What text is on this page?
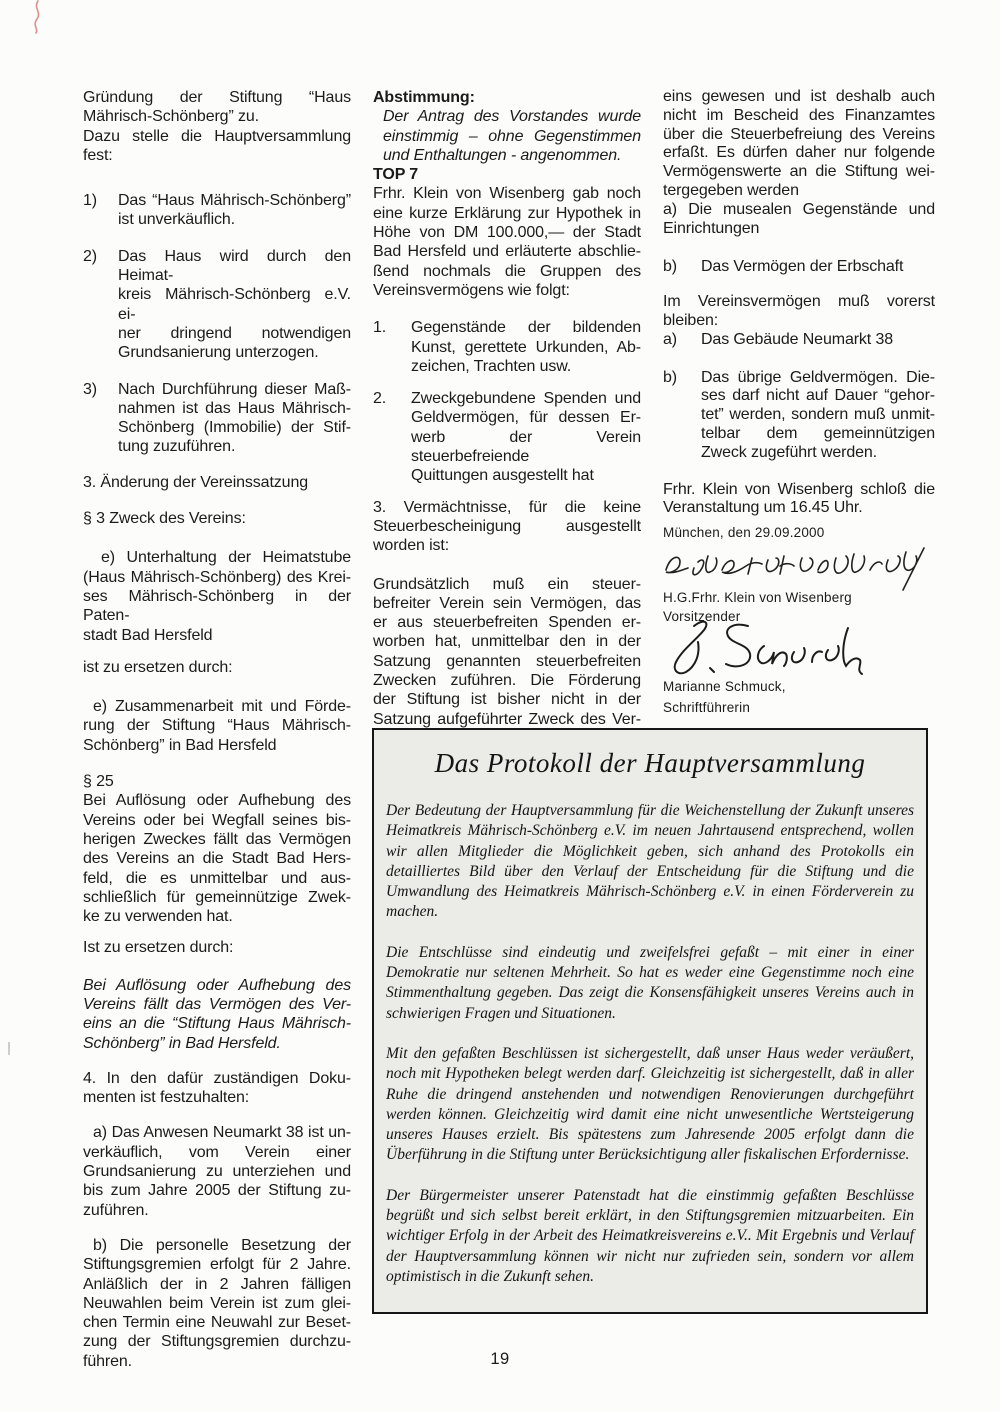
Gründung der Stiftung “Haus
Mährisch-Schönberg” zu.
Dazu stelle die Hauptversammlung
fest:
1) Das “Haus Mährisch-Schönberg”
ist unverkäuflich.
2) Das Haus wird durch den Heimat-
kreis Mährisch-Schönberg e.V. ei-
ner dringend notwendigen
Grundsanierung unterzogen.
3) Nach Durchführung dieser Maß-
nahmen ist das Haus Mährisch-
Schönberg (Immobilie) der Stif-
tung zuzuführen.
3. Änderung der Vereinssatzung
§ 3 Zweck des Vereins:
e) Unterhaltung der Heimatstube
(Haus Mährisch-Schönberg) des Krei-
ses Mährisch-Schönberg in der Paten-
stadt Bad Hersfeld
ist zu ersetzen durch:
e) Zusammenarbeit mit und Förde-
rung der Stiftung “Haus Mährisch-
Schönberg” in Bad Hersfeld
§ 25
Bei Auflösung oder Aufhebung des
Vereins oder bei Wegfall seines bis-
herigen Zweckes fällt das Vermögen
des Vereins an die Stadt Bad Hers-
feld, die es unmittelbar und aus-
schließlich für gemeinnützige Zwek-
ke zu verwenden hat.
Ist zu ersetzen durch:
Bei Auflösung oder Aufhebung des
Vereins fällt das Vermögen des Ver-
eins an die “Stiftung Haus Mährisch-
Schönberg” in Bad Hersfeld.
4. In den dafür zuständigen Doku-
menten ist festzuhalten:
a) Das Anwesen Neumarkt 38 ist un-
verkäuflich, vom Verein einer
Grundsanierung zu unterziehen und
bis zum Jahre 2005 der Stiftung zu-
zuführen.
b) Die personelle Besetzung der
Stiftungsgremien erfolgt für 2 Jahre.
Anläßlich der in 2 Jahren fälligen
Neuwahlen beim Verein ist zum glei-
chen Termin eine Neuwahl zur Beset-
zung der Stiftungsgremien durchzu-
führen.
Abstimmung:
Der Antrag des Vorstandes wurde
einstimmig – ohne Gegenstimmen
und Enthaltungen - angenommen.
TOP 7
Frhr. Klein von Wisenberg gab noch
eine kurze Erklärung zur Hypothek in
Höhe von DM 100.000,— der Stadt
Bad Hersfeld und erläuterte abschlie-
ßend nochmals die Gruppen des
Vereinsvermögens wie folgt:
1. Gegenstände der bildenden
Kunst, gerettete Urkunden, Ab-
zeichen, Trachten usw.
2. Zweckgebundene Spenden und
Geldvermögen, für dessen Er-
werb der Verein steuerbefreiende
Quittungen ausgestellt hat
3. Vermächtnisse, für die keine
Steuerbescheinigung ausgestellt
worden ist:
Grundsätzlich muß ein steuer-
befreiter Verein sein Vermögen, das
er aus steuerbefreiten Spenden er-
worben hat, unmittelbar den in der
Satzung genannten steuerbefreiten
Zwecken zuführen. Die Förderung
der Stiftung ist bisher nicht in der
Satzung aufgeführter Zweck des Ver-
eins gewesen und ist deshalb auch
nicht im Bescheid des Finanzamtes
über die Steuerbefreiung des Vereins
erfaßt. Es dürfen daher nur folgende
Vermögenswerte an die Stiftung wei-
tergegeben werden
a) Die musealen Gegenstände und
Einrichtungen
b) Das Vermögen der Erbschaft
Im Vereinsvermögen muß vorerst
bleiben:
a) Das Gebäude Neumarkt 38
b) Das übrige Geldvermögen. Die-
ses darf nicht auf Dauer “gehor-
tet” werden, sondern muß unmit-
telbar dem gemeinnützigen
Zweck zugeführt werden.
Frhr. Klein von Wisenberg schloß die
Veranstaltung um 16.45 Uhr.
München, den 29.09.2000
H.G.Frhr. Klein von Wisenberg
Vorsitzender
Marianne Schmuck,
Schriftführerin
Das Protokoll der Hauptversammlung

Der Bedeutung der Hauptversammlung für die Weichenstellung der Zukunft unseres Heimatkreis Mährisch-Schönberg e.V. im neuen Jahrtausend entsprechend, wollen wir allen Mitglieder die Möglichkeit geben, sich anhand des Protokolls ein detailliertes Bild über den Verlauf der Entscheidung für die Stiftung und die Umwandlung des Heimatkreis Mährisch-Schönberg e.V. in einen Förderverein zu machen.

Die Entschlüsse sind eindeutig und zweifelsfrei gefaßt – mit einer in einer Demokratie nur seltenen Mehrheit. So hat es weder eine Gegenstimme noch eine Stimmenthaltung gegeben. Das zeigt die Konsensfähigkeit unseres Vereins auch in schwierigen Fragen und Situationen.

Mit den gefaßten Beschlüssen ist sichergestellt, daß unser Haus weder veräußert, noch mit Hypotheken belegt werden darf. Gleichzeitig ist sichergestellt, daß in aller Ruhe die dringend anstehenden und notwendigen Renovierungen durchgeführt werden können. Gleichzeitig wird damit eine nicht unwesentliche Wertsteigerung unseres Hauses erzielt. Bis spätestens zum Jahresende 2005 erfolgt dann die Überführung in die Stiftung unter Berücksichtigung aller fiskalischen Erfordernisse.

Der Bürgermeister unserer Patenstadt hat die einstimmig gefaßten Beschlüsse begrüßt und sich selbst bereit erklärt, in den Stiftungsgremien mitzuarbeiten. Ein wichtiger Erfolg in der Arbeit des Heimatkreisvereins e.V.. Mit Ergebnis und Verlauf der Hauptversammlung können wir nicht nur zufrieden sein, sondern vor allem optimistisch in die Zukunft sehen.

19
